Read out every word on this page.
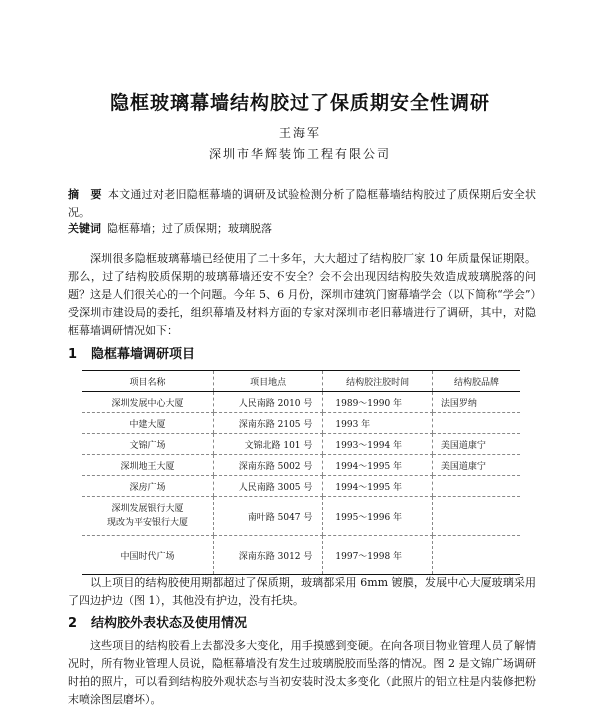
隐框玻璃幕墙结构胶过了保质期安全性调研
王海军
深圳市华辉装饰工程有限公司
摘　要 本文通过对老旧隐框幕墙的调研及试验检测分析了隐框幕墙结构胶过了质保期后安全状况。
关键词 隐框幕墙；过了质保期；玻璃脱落
深圳很多隐框玻璃幕墙已经使用了二十多年，大大超过了结构胶厂家 10 年质量保证期限。那么，过了结构胶质保期的玻璃幕墙还安不安全？会不会出现因结构胶失效造成玻璃脱落的问题？这是人们很关心的一个问题。今年 5、6 月份，深圳市建筑门窗幕墙学会（以下简称“学会”）受深圳市建设局的委托，组织幕墙及材料方面的专家对深圳市老旧幕墙进行了调研，其中，对隐框幕墙调研情况如下：
1 隐框幕墙调研项目
项目名称	项目地点	结构胶注胶时间	结构胶品牌
深圳发展中心大厦	人民南路 2010 号	1989～1990 年	法国罗纳
中建大厦	深南东路 2105 号	1993 年	
文锦广场	文锦北路 101 号	1993～1994 年	美国道康宁
深圳地王大厦	深南东路 5002 号	1994～1995 年	美国道康宁
深房广场	人民南路 3005 号	1994～1995 年	

深圳发展银行大厦
现改为平安银行大厦	南叶路 5047 号	1995～1996 年	
中国时代广场	深南东路 3012 号	1997～1998 年	
以上项目的结构胶使用期都超过了保质期，玻璃都采用 6mm 镀膜，发展中心大厦玻璃采用了四边护边（图 1），其他没有护边，没有托块。
2 结构胶外表状态及使用情况
这些项目的结构胶看上去都没多大变化，用手摸感到变硬。在向各项目物业管理人员了解情况时，所有物业管理人员说，隐框幕墙没有发生过玻璃脱胶而坠落的情况。图 2 是文锦广场调研时拍的照片，可以看到结构胶外观状态与当初安装时没太多变化（此照片的铝立柱是内装修把粉末喷涂图层磨坏）。
